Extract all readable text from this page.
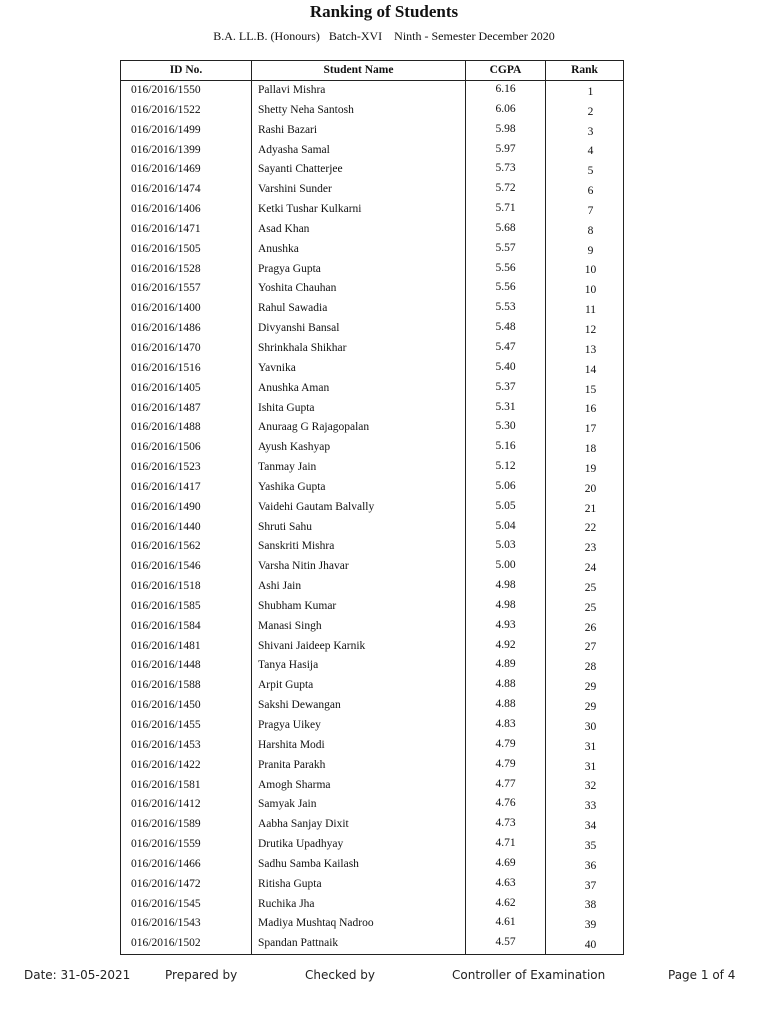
Ranking of Students
B.A. LL.B. (Honours)   Batch-XVI    Ninth - Semester December 2020
ID No.	Student Name	CGPA	Rank
016/2016/1550	Pallavi Mishra	6.16	1
016/2016/1522	Shetty Neha Santosh	6.06	2
016/2016/1499	Rashi Bazari	5.98	3
016/2016/1399	Adyasha Samal	5.97	4
016/2016/1469	Sayanti Chatterjee	5.73	5
016/2016/1474	Varshini Sunder	5.72	6
016/2016/1406	Ketki Tushar Kulkarni	5.71	7
016/2016/1471	Asad Khan	5.68	8
016/2016/1505	Anushka	5.57	9
016/2016/1528	Pragya Gupta	5.56	10
016/2016/1557	Yoshita Chauhan	5.56	10
016/2016/1400	Rahul Sawadia	5.53	11
016/2016/1486	Divyanshi Bansal	5.48	12
016/2016/1470	Shrinkhala Shikhar	5.47	13
016/2016/1516	Yavnika	5.40	14
016/2016/1405	Anushka Aman	5.37	15
016/2016/1487	Ishita Gupta	5.31	16
016/2016/1488	Anuraag G Rajagopalan	5.30	17
016/2016/1506	Ayush Kashyap	5.16	18
016/2016/1523	Tanmay Jain	5.12	19
016/2016/1417	Yashika Gupta	5.06	20
016/2016/1490	Vaidehi Gautam Balvally	5.05	21
016/2016/1440	Shruti Sahu	5.04	22
016/2016/1562	Sanskriti Mishra	5.03	23
016/2016/1546	Varsha Nitin Jhavar	5.00	24
016/2016/1518	Ashi Jain	4.98	25
016/2016/1585	Shubham Kumar	4.98	25
016/2016/1584	Manasi Singh	4.93	26
016/2016/1481	Shivani Jaideep Karnik	4.92	27
016/2016/1448	Tanya Hasija	4.89	28
016/2016/1588	Arpit Gupta	4.88	29
016/2016/1450	Sakshi Dewangan	4.88	29
016/2016/1455	Pragya Uikey	4.83	30
016/2016/1453	Harshita Modi	4.79	31
016/2016/1422	Pranita Parakh	4.79	31
016/2016/1581	Amogh Sharma	4.77	32
016/2016/1412	Samyak Jain	4.76	33
016/2016/1589	Aabha Sanjay Dixit	4.73	34
016/2016/1559	Drutika Upadhyay	4.71	35
016/2016/1466	Sadhu Samba Kailash	4.69	36
016/2016/1472	Ritisha Gupta	4.63	37
016/2016/1545	Ruchika Jha	4.62	38
016/2016/1543	Madiya Mushtaq Nadroo	4.61	39
016/2016/1502	Spandan Pattnaik	4.57	40
Date: 31-05-2021	Prepared by	Checked by	Controller of Examination	Page 1 of 4
